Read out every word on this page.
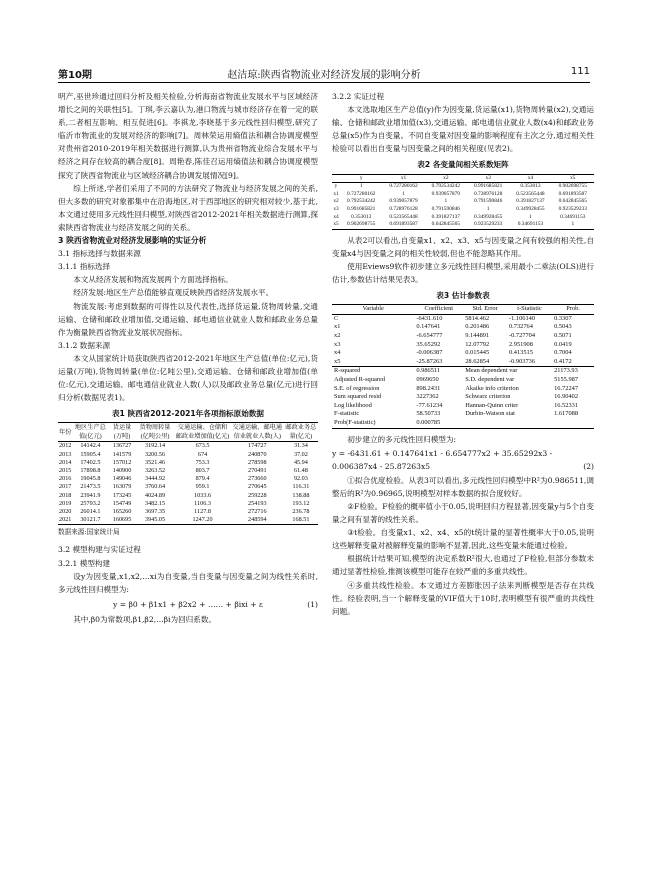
第10期	赵洁琼:陕西省物流业对经济发展的影响分析	111

明产,巫世珍通过回归分析及相关检验,分析海南省物流业发展水平与区域经济增长之间的关联性[5]。丁琪,李云嘉认为,港口物流与城市经济存在着一定的联系,二者相互影响、相互促进[6]。李祺龙,李晓基于多元线性回归模型,研究了临沂市物流业的发展对经济的影响[7]。周林荣运用熵值法和耦合协调度模型对贵州省2010-2019年相关数据进行测算,认为贵州省物流业综合发展水平与经济之间存在较高的耦合度[8]。周艳春,陈佳召运用熵值法和耦合协调度模型探究了陕西省物流业与区域经济耦合协调发展情况[9]。

综上所述,学者们采用了不同的方法研究了物流业与经济发展之间的关系,但大多数的研究对象都集中在沿海地区,对于西部地区的研究相对较少,基于此,本文通过使用多元线性回归模型,对陕西省2012-2021年相关数据进行测算,探索陕西省物流业与经济发展之间的关系。

3 陕西省物流业对经济发展影响的实证分析

3.1 指标选择与数据来源

3.1.1 指标选择

本文从经济发展和物流发展两个方面选择指标。

经济发展:地区生产总值能够直观反映陕西省经济发展水平。

物流发展:考虑到数据的可得性以及代表性,选择货运量,货物周转量,交通运输、仓储和邮政业增加值,交通运输、邮电通信业就业人数和邮政业务总量作为衡量陕西省物流业发展状况指标。

3.1.2 数据来源

本文从国家统计局获取陕西省2012-2021年地区生产总值(单位:亿元),货运量(万吨),货物周转量(单位:亿吨公里),交通运输、仓储和邮政业增加值(单位:亿元),交通运输、邮电通信业就业人数(人)以及邮政业务总量(亿元)进行回归分析(数据见表1)。

表1 陕西省2012-2021年各项指标原始数据
年份	地区生产总值(亿元)	货运量(万吨)	货物周转量(亿吨公里)	交通运输、仓储和邮政业增加值(亿元)	交通运输、邮电通信业就业人数(人)	邮政业务总量(亿元)
2012	14142.4	136727	3192.14	673.5	174727	31.34
2013	15905.4	141579	3200.56	674	240870	37.02
2014	17402.5	157012	3521.46	753.3	278598	45.94
2015	17898.8	140900	3263.52	803.7	270491	61.48
2016	19045.8	149046	3444.92	879.4	273660	92.03
2017	21473.5	163079	3760.64	959.1	270645	116.31
2018	23941.9	173245	4024.89	1033.6	259228	138.88
2019	25793.2	154749	3482.15	1106.3	254193	193.12
2020	26014.1	165260	3697.35	1127.8	272716	236.78
2021	30121.7	160695	3945.05	1247.20	248594	168.51
数据来源:国家统计局

3.2 模型构建与实证过程

3.2.1 模型构建

设y为因变量,x1,x2,…xi为自变量,当自变量与因变量之间为线性关系时,多元线性回归模型为:

y = β0 + β1x1 + β2x2 + …… + βixi + ε	(1)

其中,β0为常数项,β1,β2,…βi为回归系数。

3.2.2 实证过程

本文选取地区生产总值(y)作为因变量,货运量(x1),货物周转量(x2),交通运输、仓储和邮政业增加值(x3),交通运输、邮电通信业就业人数(x4)和邮政业务总量(x5)作为自变量。不同自变量对因变量的影响程度有主次之分,通过相关性检验可以看出自变量与因变量之间的相关程度(见表2)。

表2 各变量间相关系数矩阵
	y	x1	x2	x3	x4	x5
y	1	0.727280162	0.792534242	0.991685821	0.353013	0.902698755
x1	0.727280162	1	0.939057879	0.728976128	0.523565448	0.691893587
x2	0.792534242	0.939057879	1	0.791590846	0.391827137	0.642845565
x3	0.991685821	0.728976128	0.791590846	1	0.349928455	0.923529233
x4	0.353013	0.523565448	0.391827137	0.349928455	1	0.34691153
x5	0.902698755	0.691893587	0.642845565	0.923529233	0.34691153	1

从表2可以看出,自变量x1、x2、x3、x5与因变量之间有较强的相关性,自变量x4与因变量之间的相关性较弱,但也不能忽略其作用。

使用Eviews9软件初步建立多元线性回归模型,采用最小二乘法(OLS)进行估计,参数估计结果见表3。

表3 估计参数表
Variable	Coefficient	Std. Error	t-Statistic	Prob.
C	-6431.610	5814.462	-1.106140	0.3307
x1	0.147641	0.201486	0.732764	0.5043
x2	-6.654777	9.144891	-0.727704	0.5071
x3	35.65292	12.07792	2.951908	0.0419
x4	-0.006387	0.015445	0.413515	0.7004
x5	-25.87263	28.62854	-0.903736	0.4172
R-squared	0.986511	Mean dependent var		21173.93
Adjusted R-squared	0969650	S.D. dependent var		5155.987
S.E. of regression	898.2431	Akaike info criterion		16.72247
Sum squared resid	3227362	Schwarz criterion		16.90402
Log likelihood	-77.61234	Hannan-Quinn criter		16.52331
F-statistic	58.50733	Durbin-Watson stat		1.617088
Prob(F-statistic)	0.000785			

初步建立的多元线性回归模型为:

y = -6431.61 + 0.147641x1 - 6.654777x2 + 35.65292x3 -
0.006387x4 - 25.87263x5	(2)

①拟合优度检验。从表3可以看出,多元线性回归模型中R²为0.986511,调整后的R²为0.96965,说明模型对样本数据的拟合度较好。

②F检验。F检验的概率值小于0.05,说明回归方程显著,因变量y与5个自变量之间有显著的线性关系。

③t检验。自变量x1、x2、x4、x5的t统计量的显著性概率大于0.05,说明这些解释变量对被解释变量的影响不显著,因此,这些变量未能通过检验。

根据统计结果可知,模型的决定系数R²很大,也通过了F检验,但部分参数未通过显著性检验,推测该模型可能存在较严重的多重共线性。

④多重共线性检验。本文通过方差膨胀因子法来判断模型是否存在共线性。经验表明,当一个解释变量的VIF值大于10时,表明模型有很严重的共线性问题。
